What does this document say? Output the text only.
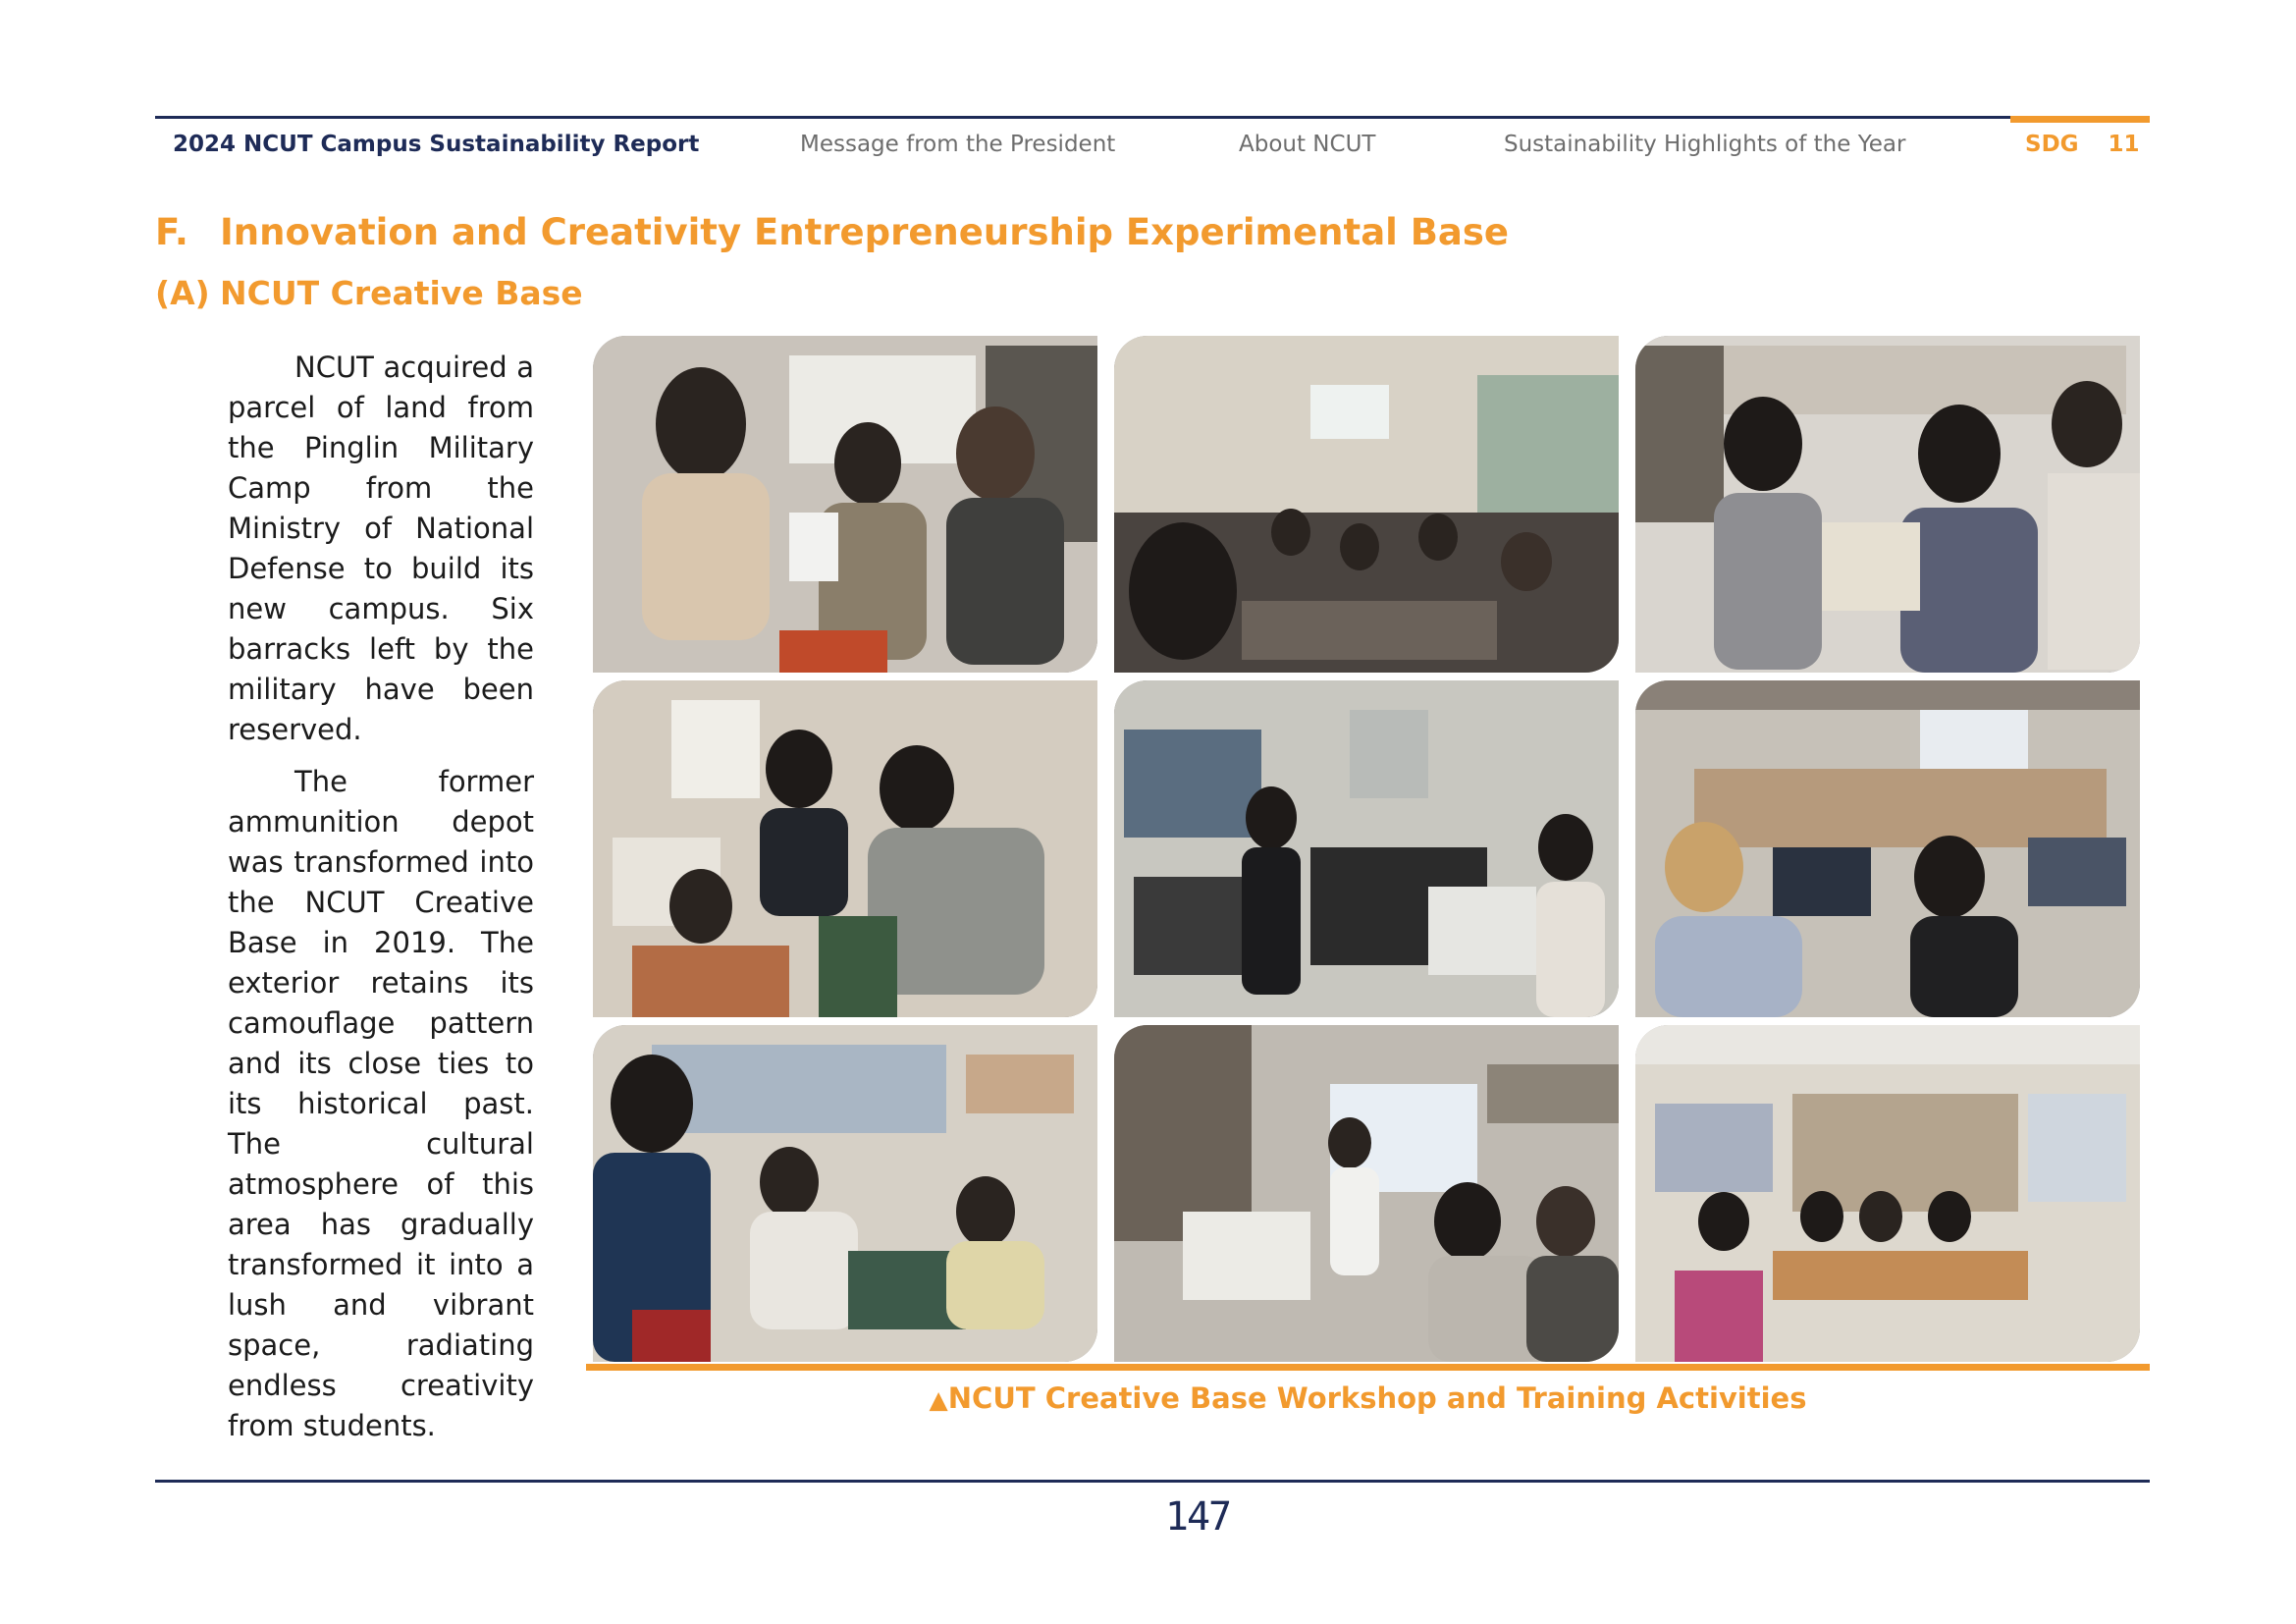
2024 NCUT Campus Sustainability Report	Message from the President	About NCUT	Sustainability Highlights of the Year	SDG 11
F. Innovation and Creativity Entrepreneurship Experimental Base
(A) NCUT Creative Base

NCUT acquired a parcel of land from the Pinglin Military Camp from the Ministry of National Defense to build its new campus. Six barracks left by the military have been reserved.

The former ammunition depot was transformed into the NCUT Creative Base in 2019. The exterior retains its camouflage pattern and its close ties to its historical past. The cultural atmosphere of this area has gradually transformed it into a lush and vibrant space, radiating endless creativity from students.

▲NCUT Creative Base Workshop and Training Activities
147
